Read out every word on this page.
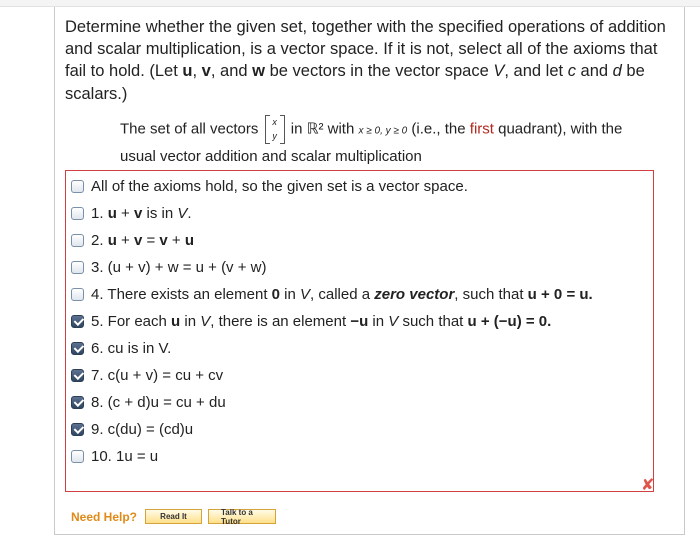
Determine whether the given set, together with the specified operations of addition and scalar multiplication, is a vector space. If it is not, select all of the axioms that fail to hold. (Let u, v, and w be vectors in the vector space V, and let c and d be scalars.)
The set of all vectors	x
y in ℝ² with x ≥ 0, y ≥ 0 (i.e., the first quadrant), with the
usual vector addition and scalar multiplication
All of the axioms hold, so the given set is a vector space.
1. u + v is in V.
2. u + v = v + u
3. (u + v) + w = u + (v + w)
4. There exists an element 0 in V, called a zero vector, such that u + 0 = u.
5. For each u in V, there is an element −u in V such that u + (−u) = 0.
6. cu is in V.
7. c(u + v) = cu + cv
8. (c + d)u = cu + du
9. c(du) = (cd)u
10. 1u = u
✘
Need Help?	Read It	Talk to a Tutor
